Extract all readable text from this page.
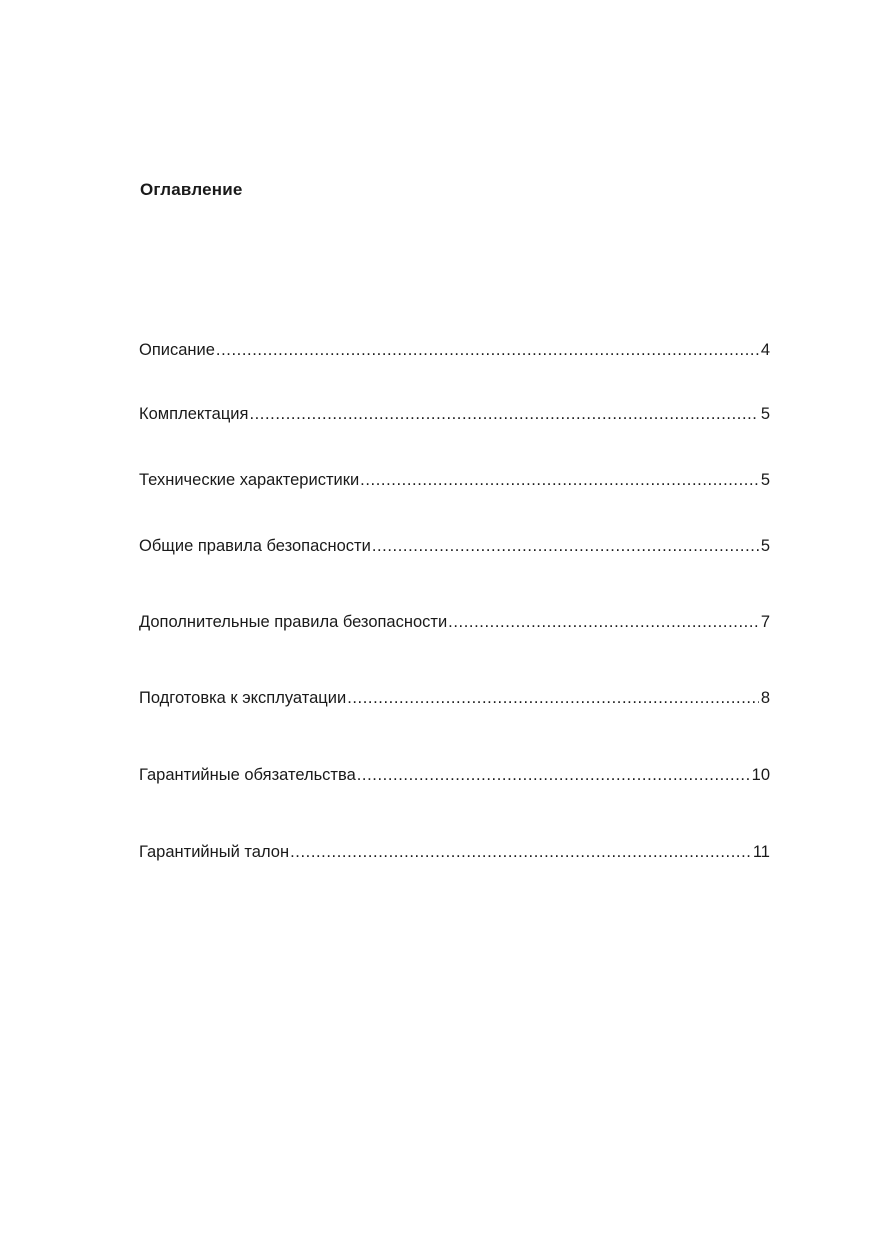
Оглавление
Описание .....	4
Комплектация .....	5
Технические характеристики .....	5
Общие правила безопасности .....	5
Дополнительные правила безопасности .....	7
Подготовка к эксплуатации .....	8
Гарантийные обязательства .....	10
Гарантийный талон .....	11
